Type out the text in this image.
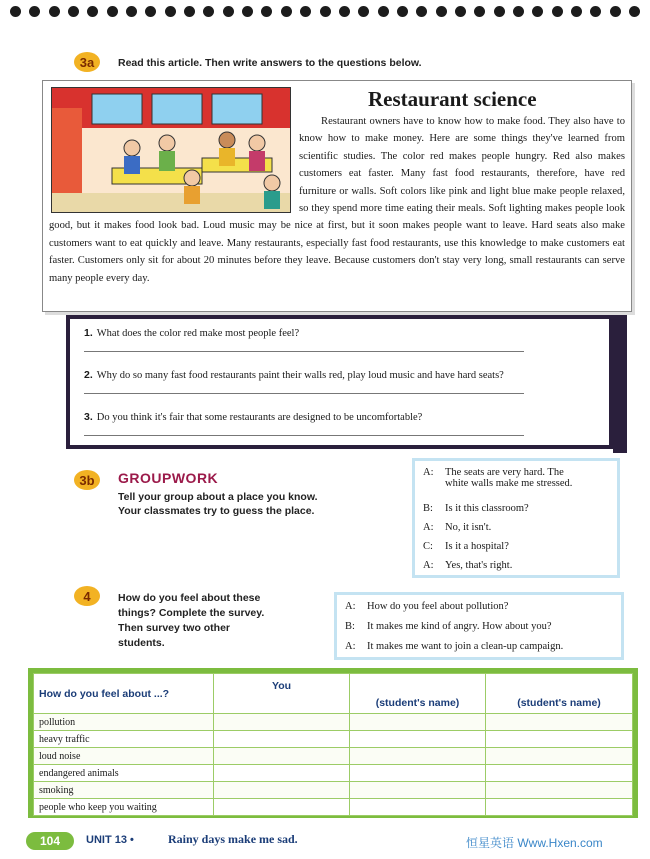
3a	Read this article. Then write answers to the questions below.
Restaurant science
Restaurant owners have to know how to make food. They also have to know how to make money. Here are some things they've learned from scientific studies. The color red makes people hungry. Red also makes customers eat faster. Many fast food restaurants, therefore, have red furniture or walls. Soft colors like pink and light blue make people relaxed, so they spend more time eating their meals. Soft lighting makes people look good, but it makes food look bad. Loud music may be nice at first, but it soon makes people want to leave. Hard seats also make customers want to eat quickly and leave. Many restaurants, especially fast food restaurants, use this knowledge to make customers eat faster. Customers only sit for about 20 minutes before they leave. Because customers don't stay very long, small restaurants can serve many people every day.
1. What does the color red make most people feel?
2. Why do so many fast food restaurants paint their walls red, play loud music and have hard seats?
3. Do you think it's fair that some restaurants are designed to be uncomfortable?
3b	GROUPWORK
Tell your group about a place you know.
Your classmates try to guess the place.
A:	The seats are very hard. The
white walls make me stressed.
B:	Is it this classroom?
A:	No, it isn't.
C:	Is it a hospital?
A:	Yes, that's right.
4	How do you feel about these
things? Complete the survey.
Then survey two other
students.
A:	How do you feel about pollution?
B:	It makes me kind of angry. How about you?
A:	It makes me want to join a clean-up campaign.
How do you feel about ...?	You	(student's name)	(student's name)
pollution			
heavy traffic			
loud noise			
endangered animals			
smoking			
people who keep you waiting			
104	UNIT 13 •	Rainy days make me sad.	恒星英语 Www.Hxen.com
